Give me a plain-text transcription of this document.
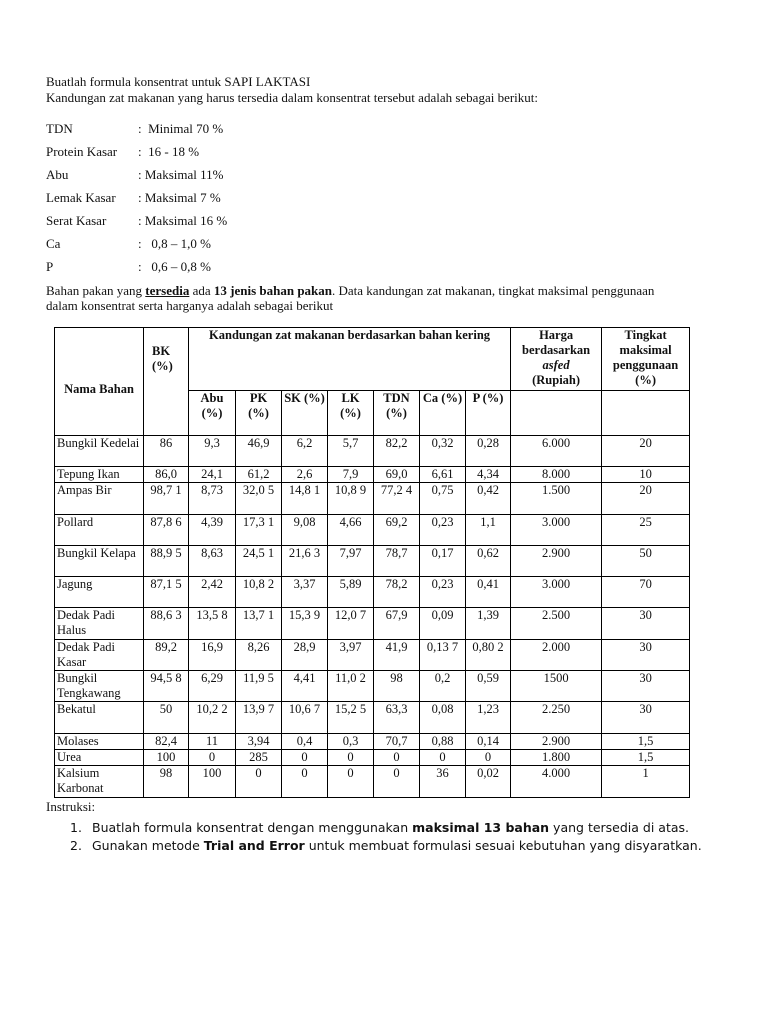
Buatlah formula konsentrat untuk SAPI LAKTASI
Kandungan zat makanan yang harus tersedia dalam konsentrat tersebut adalah sebagai berikut:
TDN	:  Minimal 70 %
Protein Kasar :  16 - 18 %
Abu	: Maksimal 11%
Lemak Kasar : Maksimal 7 %
Serat Kasar : Maksimal 16 %
Ca	:   0,8 – 1,0 %
P	:   0,6 – 0,8 %
Bahan pakan yang tersedia ada 13 jenis bahan pakan. Data kandungan zat makanan, tingkat maksimal penggunaan
dalam konsentrat serta harganya adalah sebagai berikut
Nama Bahan	BK (%)	Kandungan zat makanan berdasarkan bahan kering							Harga berdasarkan
asfed
(Rupiah)	Tingkat maksimal penggunaan (%)
		Abu (%)	PK (%)	SK (%)	LK (%)	TDN (%)	Ca (%)	P (%)		
Bungkil Kedelai	86	9,3	46,9	6,2	5,7	82,2	0,32	0,28	6.000	20
Tepung Ikan	86,0	24,1	61,2	2,6	7,9	69,0	6,61	4,34	8.000	10
Ampas Bir	98,7 1	8,73	32,0 5	14,8 1	10,8 9	77,2 4	0,75	0,42	1.500	20
Pollard	87,8 6	4,39	17,3 1	9,08	4,66	69,2	0,23	1,1	3.000	25
Bungkil Kelapa	88,9 5	8,63	24,5 1	21,6 3	7,97	78,7	0,17	0,62	2.900	50
Jagung	87,1 5	2,42	10,8 2	3,37	5,89	78,2	0,23	0,41	3.000	70
Dedak Padi Halus	88,6 3	13,5 8	13,7 1	15,3 9	12,0 7	67,9	0,09	1,39	2.500	30
Dedak Padi Kasar	89,2	16,9	8,26	28,9	3,97	41,9	0,13 7	0,80 2	2.000	30
Bungkil Tengkawang	94,5 8	6,29	11,9 5	4,41	11,0 2	98	0,2	0,59	1500	30
Bekatul	50	10,2 2	13,9 7	10,6 7	15,2 5	63,3	0,08	1,23	2.250	30
Molases	82,4	11	3,94	0,4	0,3	70,7	0,88	0,14	2.900	1,5
Urea	100	0	285	0	0	0	0	0	1.800	1,5
Kalsium Karbonat	98	100	0	0	0	0	36	0,02	4.000	1
Instruksi:
1. Buatlah formula konsentrat dengan menggunakan maksimal 13 bahan yang tersedia di atas.
2. Gunakan metode Trial and Error untuk membuat formulasi sesuai kebutuhan yang disyaratkan.
